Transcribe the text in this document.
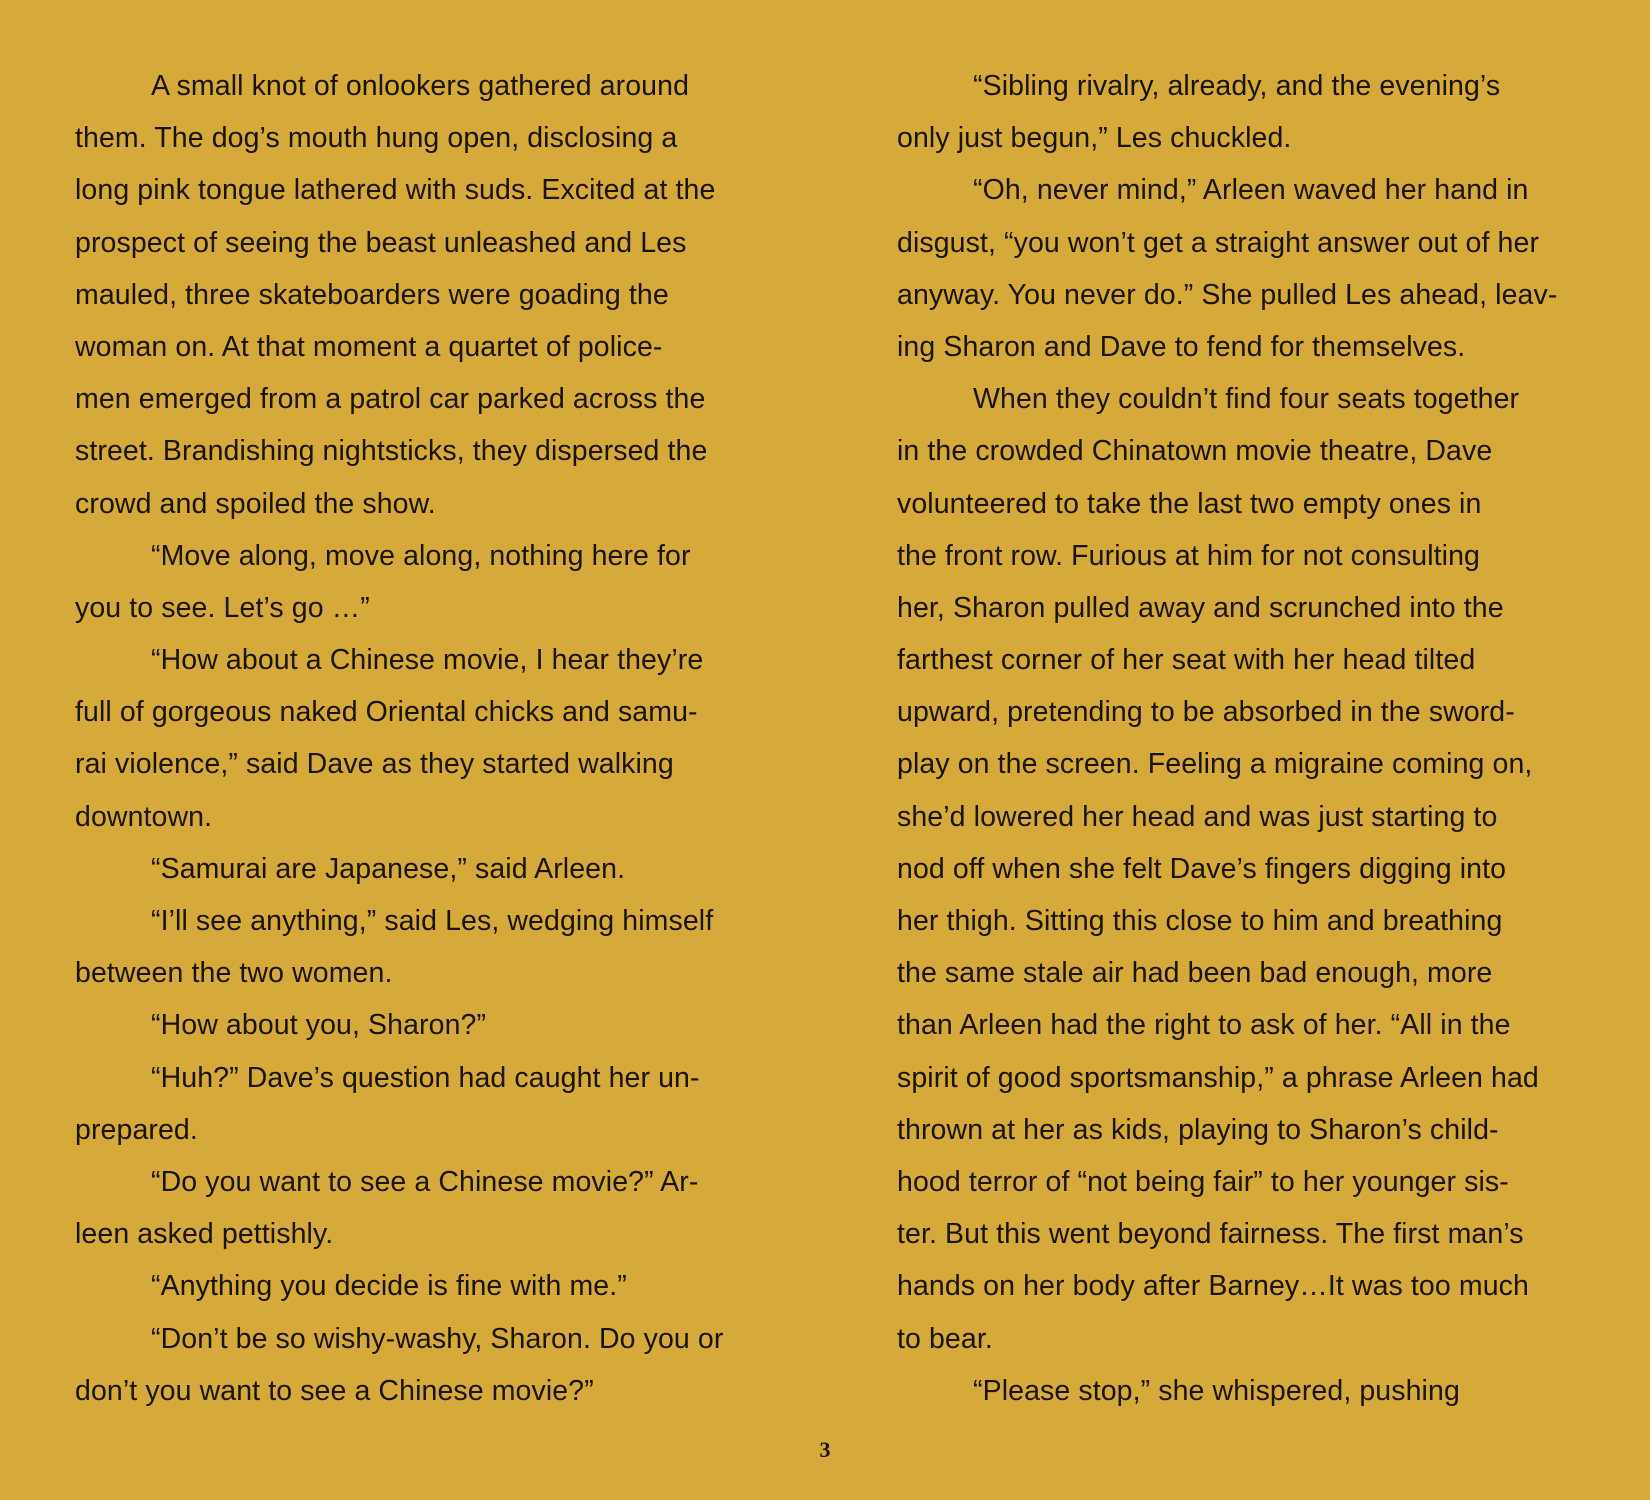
A small knot of onlookers gathered around
them. The dog’s mouth hung open, disclosing a
long pink tongue lathered with suds. Excited at the
prospect of seeing the beast unleashed and Les
mauled, three skateboarders were goading the
woman on. At that moment a quartet of police-
men emerged from a patrol car parked across the
street. Brandishing nightsticks, they dispersed the
crowd and spoiled the show.
“Move along, move along, nothing here for
you to see. Let’s go …”
“How about a Chinese movie, I hear they’re
full of gorgeous naked Oriental chicks and samu-
rai violence,” said Dave as they started walking
downtown.
“Samurai are Japanese,” said Arleen.
“I’ll see anything,” said Les, wedging himself
between the two women.
“How about you, Sharon?”
“Huh?” Dave’s question had caught her un-
prepared.
“Do you want to see a Chinese movie?” Ar-
leen asked pettishly.
“Anything you decide is fine with me.”
“Don’t be so wishy-washy, Sharon. Do you or
don’t you want to see a Chinese movie?”
“Sibling rivalry, already, and the evening’s
only just begun,” Les chuckled.
“Oh, never mind,” Arleen waved her hand in
disgust, “you won’t get a straight answer out of her
anyway. You never do.” She pulled Les ahead, leav-
ing Sharon and Dave to fend for themselves.
When they couldn’t find four seats together
in the crowded Chinatown movie theatre, Dave
volunteered to take the last two empty ones in
the front row. Furious at him for not consulting
her, Sharon pulled away and scrunched into the
farthest corner of her seat with her head tilted
upward, pretending to be absorbed in the sword-
play on the screen. Feeling a migraine coming on,
she’d lowered her head and was just starting to
nod off when she felt Dave’s fingers digging into
her thigh. Sitting this close to him and breathing
the same stale air had been bad enough, more
than Arleen had the right to ask of her. “All in the
spirit of good sportsmanship,” a phrase Arleen had
thrown at her as kids, playing to Sharon’s child-
hood terror of “not being fair” to her younger sis-
ter. But this went beyond fairness. The first man’s
hands on her body after Barney…It was too much
to bear.
“Please stop,” she whispered, pushing
3
